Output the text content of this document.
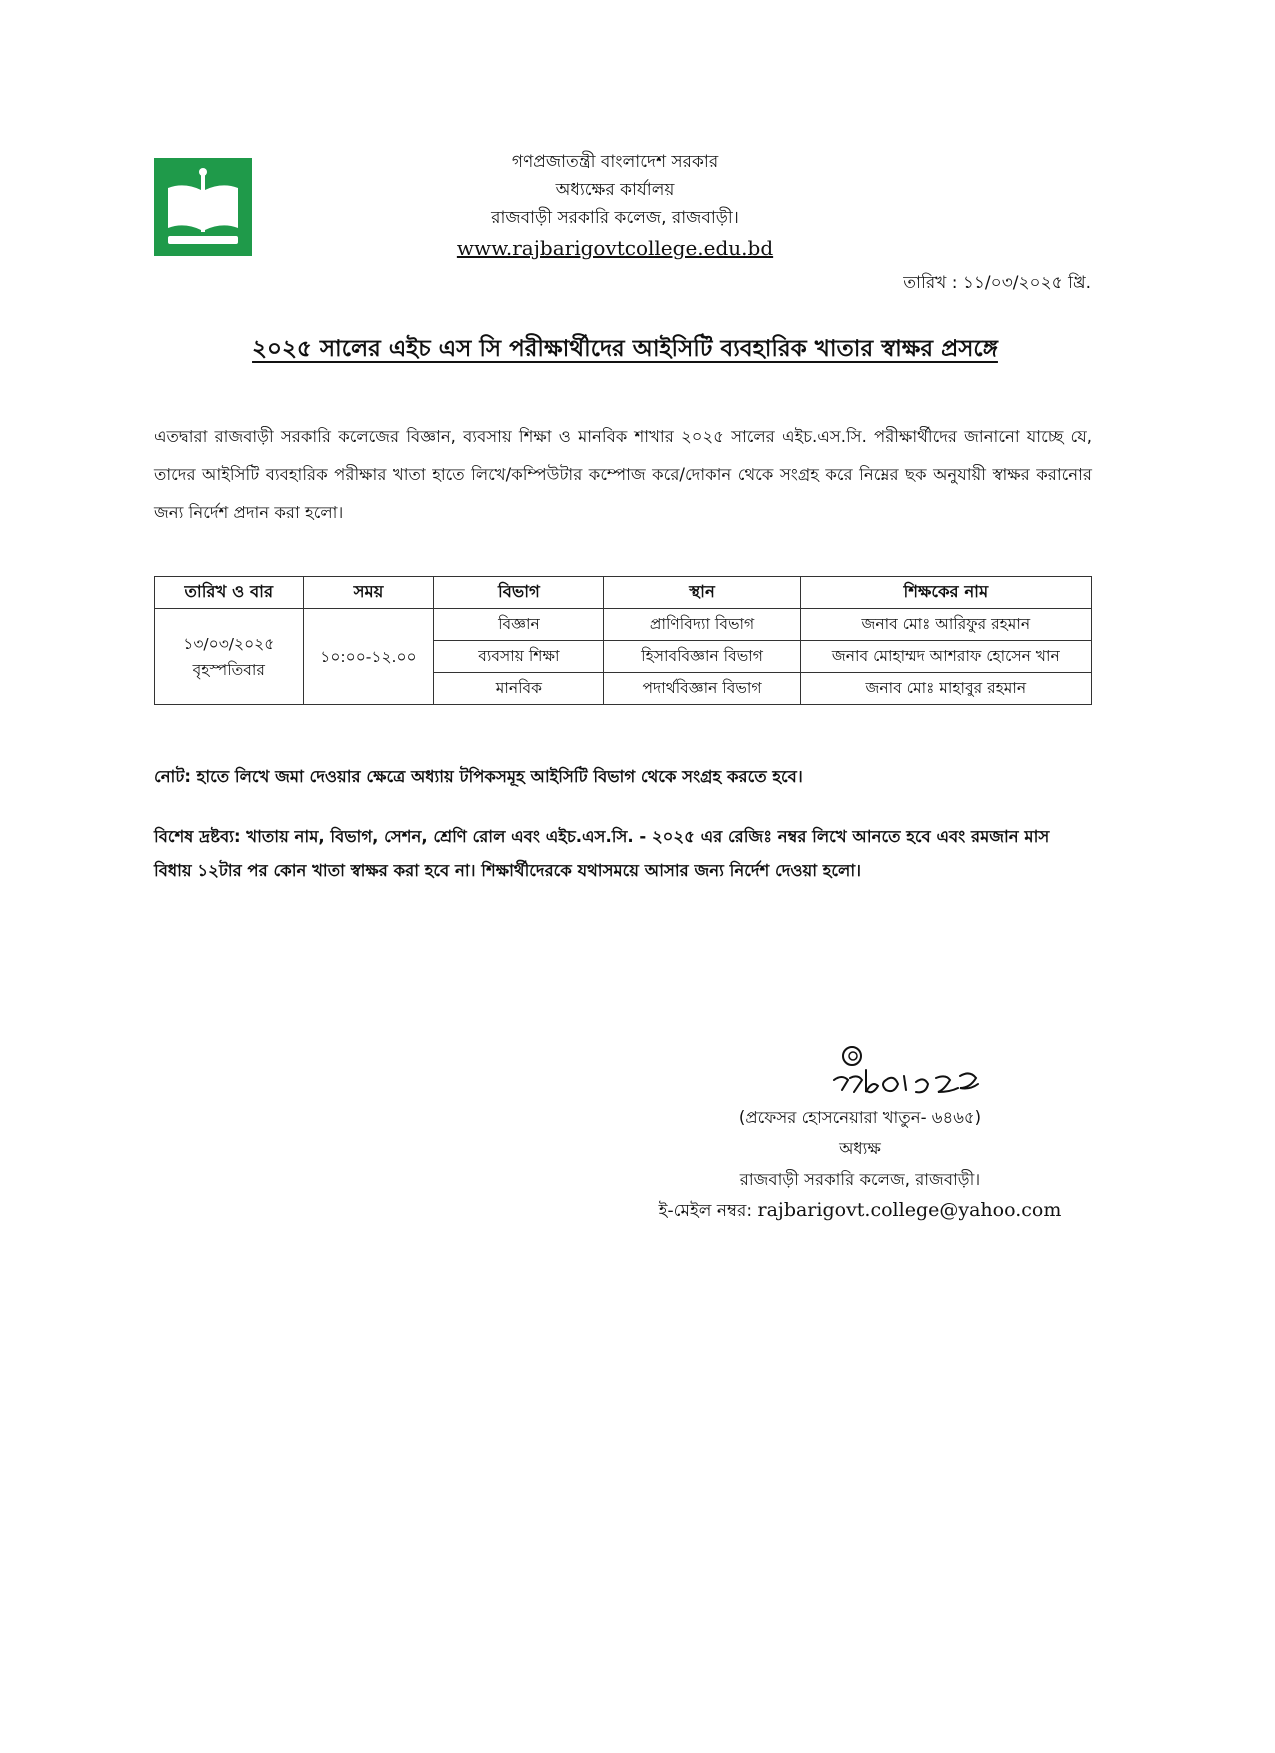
গণপ্রজাতন্ত্রী বাংলাদেশ সরকার
অধ্যক্ষের কার্যালয়
রাজবাড়ী সরকারি কলেজ, রাজবাড়ী।
www.rajbarigovtcollege.edu.bd
তারিখ : ১১/০৩/২০২৫ খ্রি.
২০২৫ সালের এইচ এস সি পরীক্ষার্থীদের আইসিটি ব্যবহারিক খাতার স্বাক্ষর প্রসঙ্গে
এতদ্বারা রাজবাড়ী সরকারি কলেজের বিজ্ঞান, ব্যবসায় শিক্ষা ও মানবিক শাখার ২০২৫ সালের এইচ.এস.সি. পরীক্ষার্থীদের জানানো যাচ্ছে যে, তাদের আইসিটি ব্যবহারিক পরীক্ষার খাতা হাতে লিখে/কম্পিউটার কম্পোজ করে/দোকান থেকে সংগ্রহ করে নিম্নের ছক অনুযায়ী স্বাক্ষর করানোর জন্য নির্দেশ প্রদান করা হলো।
তারিখ ও বার	সময়	বিভাগ	স্থান	শিক্ষকের নাম

১৩/০৩/২০২৫
বৃহস্পতিবার	১০:০০-১২.০০	বিজ্ঞান	প্রাণিবিদ্যা বিভাগ	জনাব মোঃ আরিফুর রহমান
		ব্যবসায় শিক্ষা	হিসাববিজ্ঞান বিভাগ	জনাব মোহাম্মদ আশরাফ হোসেন খান
		মানবিক	পদার্থবিজ্ঞান বিভাগ	জনাব মোঃ মাহাবুর রহমান
নোট: হাতে লিখে জমা দেওয়ার ক্ষেত্রে অধ্যায় টপিকসমূহ আইসিটি বিভাগ থেকে সংগ্রহ করতে হবে।
বিশেষ দ্রষ্টব্য: খাতায় নাম, বিভাগ, সেশন, শ্রেণি রোল এবং এইচ.এস.সি. - ২০২৫ এর রেজিঃ নম্বর লিখে আনতে হবে এবং রমজান মাস বিধায় ১২টার পর কোন খাতা স্বাক্ষর করা হবে না। শিক্ষার্থীদেরকে যথাসময়ে আসার জন্য নির্দেশ দেওয়া হলো।
(প্রফেসর হোসনেয়ারা খাতুন- ৬৪৬৫)
অধ্যক্ষ
রাজবাড়ী সরকারি কলেজ, রাজবাড়ী।
ই-মেইল নম্বর: rajbarigovt.college@yahoo.com
